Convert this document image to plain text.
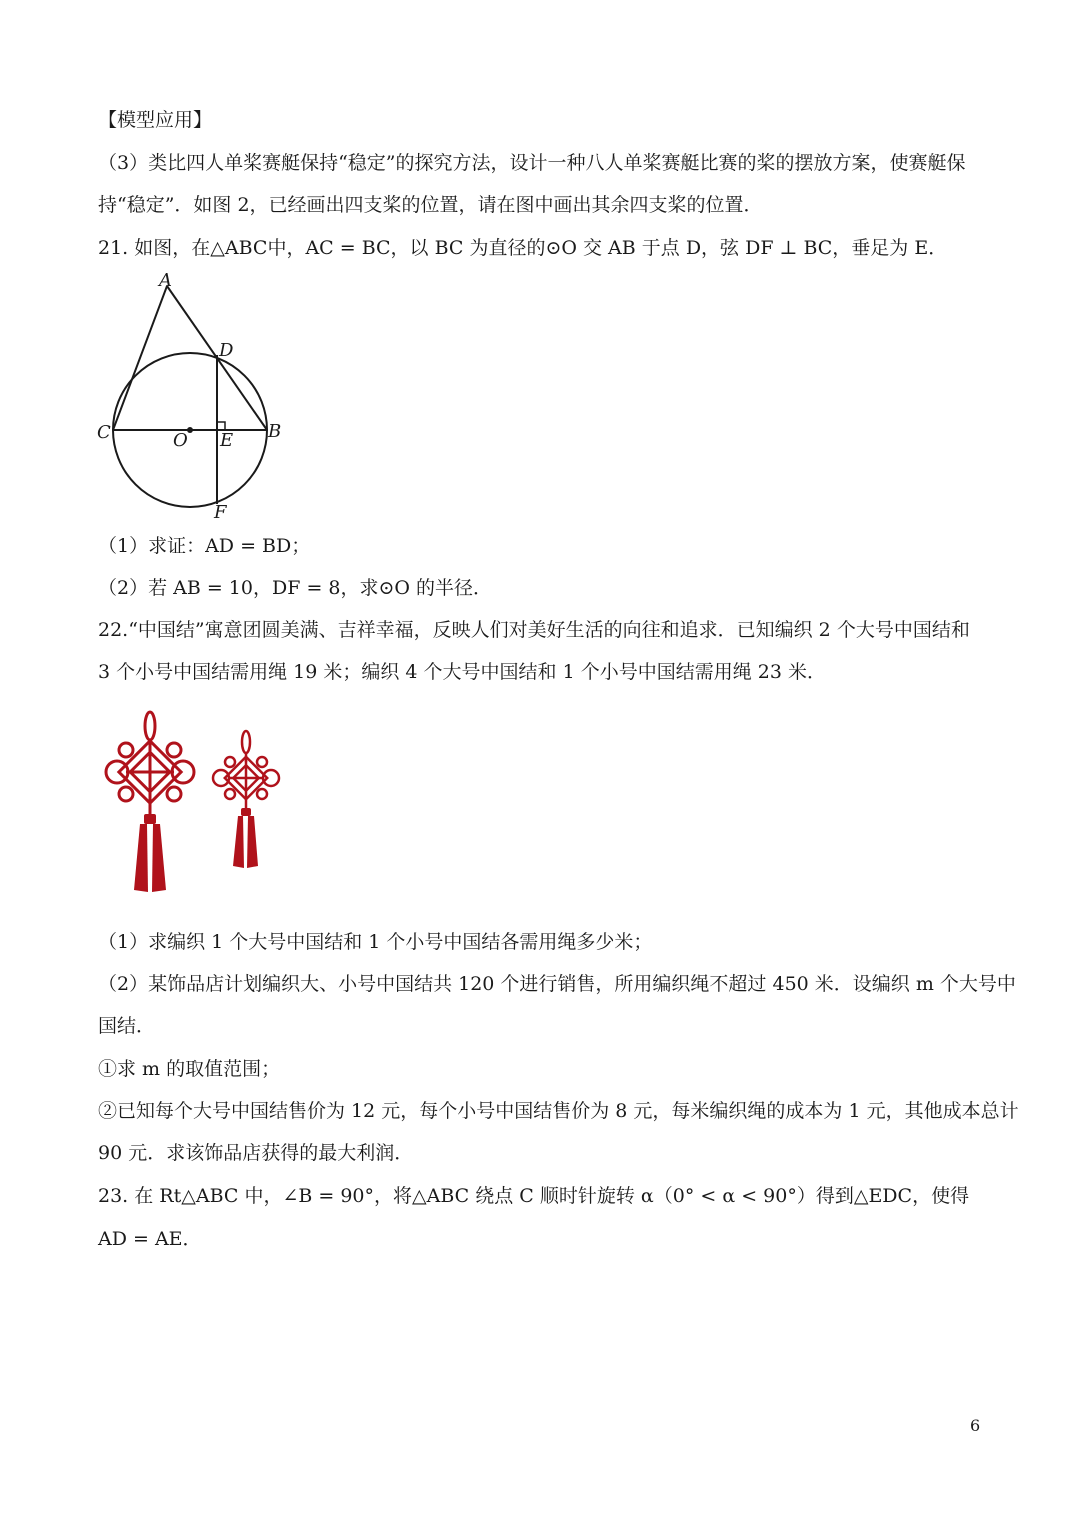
【模型应用】
（3）类比四人单桨赛艇保持“稳定”的探究方法，设计一种八人单桨赛艇比赛的桨的摆放方案，使赛艇保
持“稳定”．如图 2，已经画出四支桨的位置，请在图中画出其余四支桨的位置．
21. 如图，在△ABC中，AC = BC，以 BC 为直径的⊙O 交 AB 于点 D，弦 DF ⊥ BC，垂足为 E．
A
D
C	O E B
F
（1）求证：AD = BD；
（2）若 AB = 10，DF = 8，求⊙O 的半径．
22.“中国结”寓意团圆美满、吉祥幸福，反映人们对美好生活的向往和追求．已知编织 2 个大号中国结和
3 个小号中国结需用绳 19 米；编织 4 个大号中国结和 1 个小号中国结需用绳 23 米．
（1）求编织 1 个大号中国结和 1 个小号中国结各需用绳多少米；
（2）某饰品店计划编织大、小号中国结共 120 个进行销售，所用编织绳不超过 450 米．设编织 m 个大号中
国结．
①求 m 的取值范围；
②已知每个大号中国结售价为 12 元，每个小号中国结售价为 8 元，每米编织绳的成本为 1 元，其他成本总计
90 元．求该饰品店获得的最大利润．
23. 在 Rt△ABC 中，∠B = 90°，将△ABC 绕点 C 顺时针旋转 α（0° < α < 90°）得到△EDC，使得
AD = AE．
6
